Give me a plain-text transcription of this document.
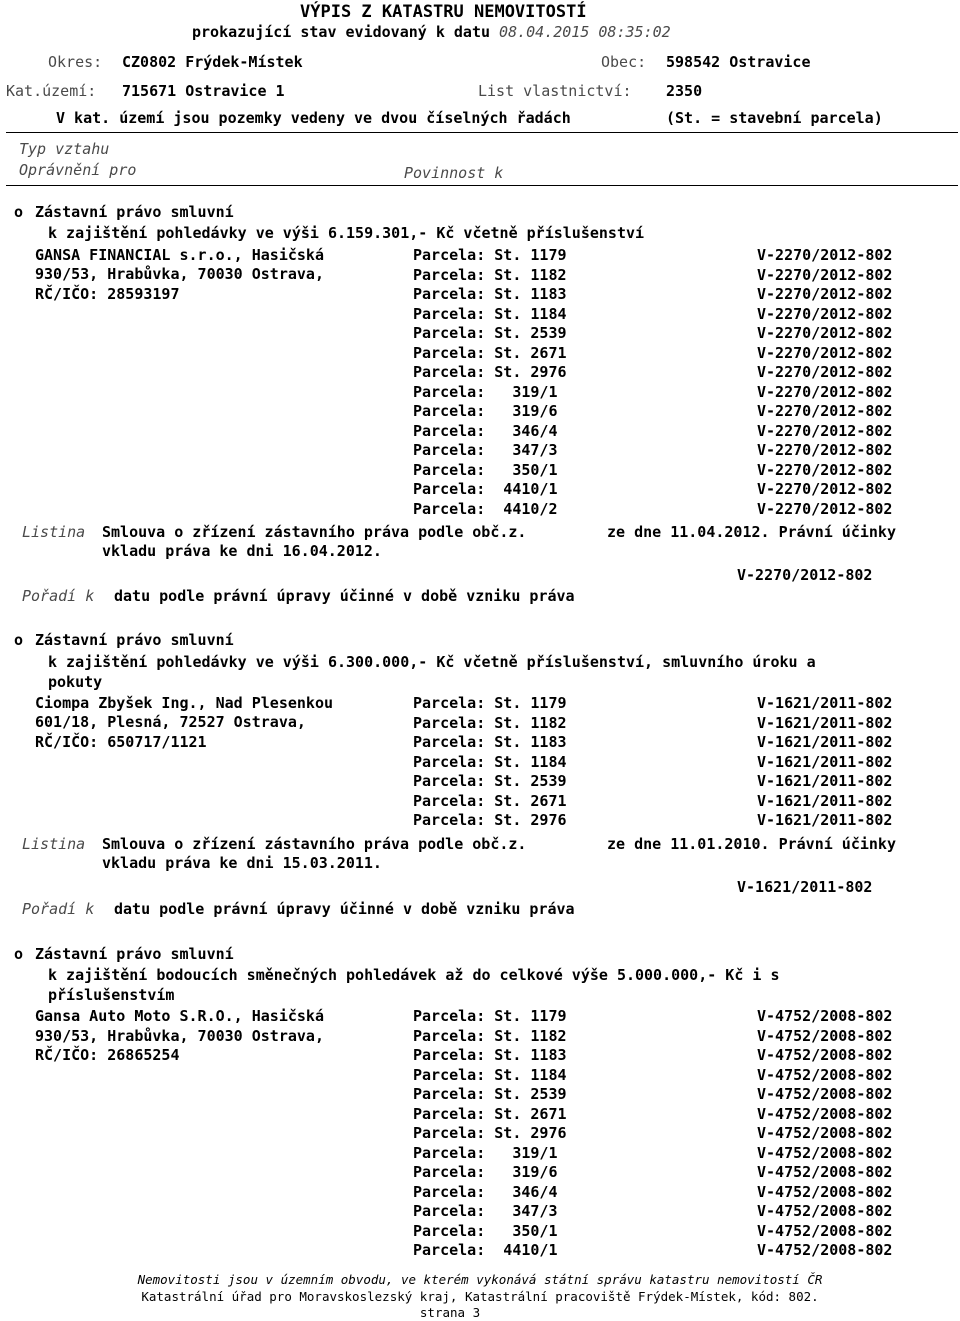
VÝPIS Z KATASTRU NEMOVITOSTÍ
prokazující stav evidovaný k datu 08.04.2015 08:35:02
Okres: CZ0802 Frýdek-Místek	Obec: 598542 Ostravice
Kat.území: 715671 Ostravice 1	List vlastnictví: 2350
V kat. území jsou pozemky vedeny ve dvou číselných řadách	(St. = stavební parcela)
Typ vztahu
Oprávnění pro	Povinnost k
o Zástavní právo smluvní
k zajištění pohledávky ve výši 6.159.301,- Kč včetně příslušenství
GANSA FINANCIAL s.r.o., Hasičská
930/53, Hrabůvka, 70030 Ostrava,
RČ/IČO: 28593197
Parcela: St. 1179	V-2270/2012-802
Parcela: St. 1182	V-2270/2012-802
Parcela: St. 1183	V-2270/2012-802
Parcela: St. 1184	V-2270/2012-802
Parcela: St. 2539	V-2270/2012-802
Parcela: St. 2671	V-2270/2012-802
Parcela: St. 2976	V-2270/2012-802
Parcela:   319/1	V-2270/2012-802
Parcela:   319/6	V-2270/2012-802
Parcela:   346/4	V-2270/2012-802
Parcela:   347/3	V-2270/2012-802
Parcela:   350/1	V-2270/2012-802
Parcela:  4410/1	V-2270/2012-802
Parcela:  4410/2	V-2270/2012-802
Listina Smlouva o zřízení zástavního práva podle obč.z.	ze dne 11.04.2012. Právní účinky
vkladu práva ke dni 16.04.2012.
V-2270/2012-802
Pořadí k datu podle právní úpravy účinné v době vzniku práva
o Zástavní právo smluvní
k zajištění pohledávky ve výši 6.300.000,- Kč včetně příslušenství, smluvního úroku a
pokuty
Ciompa Zbyšek Ing., Nad Plesenkou
601/18, Plesná, 72527 Ostrava,
RČ/IČO: 650717/1121
Parcela: St. 1179	V-1621/2011-802
Parcela: St. 1182	V-1621/2011-802
Parcela: St. 1183	V-1621/2011-802
Parcela: St. 1184	V-1621/2011-802
Parcela: St. 2539	V-1621/2011-802
Parcela: St. 2671	V-1621/2011-802
Parcela: St. 2976	V-1621/2011-802
Listina Smlouva o zřízení zástavního práva podle obč.z.	ze dne 11.01.2010. Právní účinky
vkladu práva ke dni 15.03.2011.
V-1621/2011-802
Pořadí k datu podle právní úpravy účinné v době vzniku práva
o Zástavní právo smluvní
k zajištění bodoucích směnečných pohledávek až do celkové výše 5.000.000,- Kč i s
příslušenstvím
Gansa Auto Moto S.R.O., Hasičská
930/53, Hrabůvka, 70030 Ostrava,
RČ/IČO: 26865254
Parcela: St. 1179	V-4752/2008-802
Parcela: St. 1182	V-4752/2008-802
Parcela: St. 1183	V-4752/2008-802
Parcela: St. 1184	V-4752/2008-802
Parcela: St. 2539	V-4752/2008-802
Parcela: St. 2671	V-4752/2008-802
Parcela: St. 2976	V-4752/2008-802
Parcela:   319/1	V-4752/2008-802
Parcela:   319/6	V-4752/2008-802
Parcela:   346/4	V-4752/2008-802
Parcela:   347/3	V-4752/2008-802
Parcela:   350/1	V-4752/2008-802
Parcela:  4410/1	V-4752/2008-802
Nemovitosti jsou v územním obvodu, ve kterém vykonává státní správu katastru nemovitostí ČR
Katastrální úřad pro Moravskoslezský kraj, Katastrální pracoviště Frýdek-Místek, kód: 802.
strana 3
